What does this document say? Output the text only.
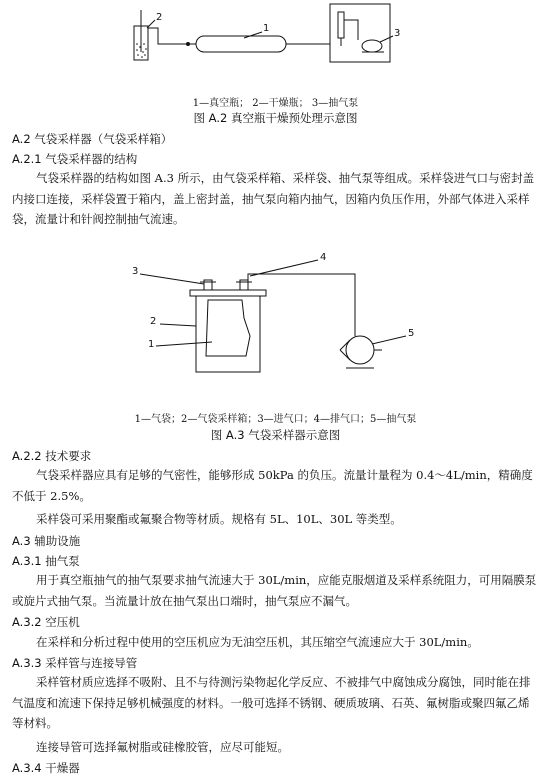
2
1	3
1—真空瓶； 2—干燥瓶； 3—抽气泵
图 A.2 真空瓶干燥预处理示意图
A.2 气袋采样器（气袋采样箱）
A.2.1 气袋采样器的结构

气袋采样器的结构如图 A.3 所示，由气袋采样箱、采样袋、抽气泵等组成。采样袋进气口与密封盖内接口连接，采样袋置于箱内，盖上密封盖，抽气泵向箱内抽气，因箱内负压作用，外部气体进入采样袋，流量计和针阀控制抽气流速。

3
4
2
1
5
1—气袋；2—气袋采样箱；3—进气口；4—排气口；5—抽气泵
图 A.3 气袋采样器示意图
A.2.2 技术要求

气袋采样器应具有足够的气密性，能够形成 50kPa 的负压。流量计量程为 0.4～4L/min，精确度不低于 2.5%。

采样袋可采用聚酯或氟聚合物等材质。规格有 5L、10L、30L 等类型。

A.3 辅助设施
A.3.1 抽气泵

用于真空瓶抽气的抽气泵要求抽气流速大于 30L/min，应能克服烟道及采样系统阻力，可用隔膜泵或旋片式抽气泵。当流量计放在抽气泵出口端时，抽气泵应不漏气。

A.3.2 空压机

在采样和分析过程中使用的空压机应为无油空压机，其压缩空气流速应大于 30L/min。

A.3.3 采样管与连接导管

采样管材质应选择不吸附、且不与待测污染物起化学反应、不被排气中腐蚀成分腐蚀，同时能在排气温度和流速下保持足够机械强度的材料。一般可选择不锈钢、硬质玻璃、石英、氟树脂或聚四氟乙烯等材料。

连接导管可选择氟树脂或硅橡胶管，应尽可能短。

A.3.4 干燥器
